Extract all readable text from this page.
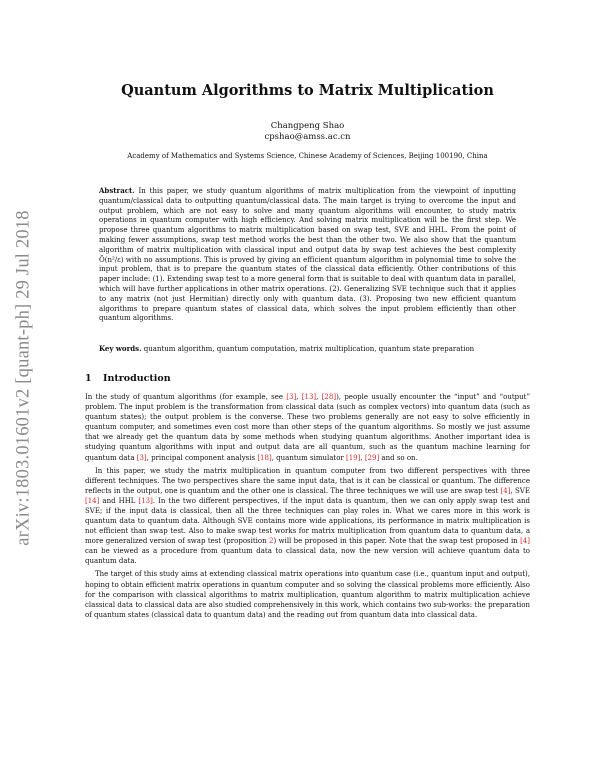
arXiv:1803.01601v2 [quant-ph] 29 Jul 2018
Quantum Algorithms to Matrix Multiplication
Changpeng Shao
cpshao@amss.ac.cn
Academy of Mathematics and Systems Science, Chinese Academy of Sciences, Beijing 100190, China
Abstract. In this paper, we study quantum algorithms of matrix multiplication from the viewpoint of inputting quantum/classical data to outputting quantum/classical data. The main target is trying to overcome the input and output problem, which are not easy to solve and many quantum algorithms will encounter, to study matrix operations in quantum computer with high efficiency. And solving matrix multiplication will be the first step. We propose three quantum algorithms to matrix multiplication based on swap test, SVE and HHL. From the point of making fewer assumptions, swap test method works the best than the other two. We also show that the quantum algorithm of matrix multiplication with classical input and output data by swap test achieves the best complexity Õ(n²/ε) with no assumptions. This is proved by giving an efficient quantum algorithm in polynomial time to solve the input problem, that is to prepare the quantum states of the classical data efficiently. Other contributions of this paper include: (1). Extending swap test to a more general form that is suitable to deal with quantum data in parallel, which will have further applications in other matrix operations. (2). Generalizing SVE technique such that it applies to any matrix (not just Hermitian) directly only with quantum data. (3). Proposing two new efficient quantum algorithms to prepare quantum states of classical data, which solves the input problem efficiently than other quantum algorithms.
Key words. quantum algorithm, quantum computation, matrix multiplication, quantum state preparation
1 Introduction

In the study of quantum algorithms (for example, see [3], [13], [28]), people usually encounter the “input” and “output” problem. The input problem is the transformation from classical data (such as complex vectors) into quantum data (such as quantum states); the output problem is the converse. These two problems generally are not easy to solve efficiently in quantum computer, and sometimes even cost more than other steps of the quantum algorithms. So mostly we just assume that we already get the quantum data by some methods when studying quantum algorithms. Another important idea is studying quantum algorithms with input and output data are all quantum, such as the quantum machine learning for quantum data [3], principal component analysis [18], quantum simulator [19], [29] and so on.

In this paper, we study the matrix multiplication in quantum computer from two different perspectives with three different techniques. The two perspectives share the same input data, that is it can be classical or quantum. The difference reflects in the output, one is quantum and the other one is classical. The three techniques we will use are swap test [4], SVE [14] and HHL [13]. In the two different perspectives, if the input data is quantum, then we can only apply swap test and SVE; if the input data is classical, then all the three techniques can play roles in. What we cares more in this work is quantum data to quantum data. Although SVE contains more wide applications, its performance in matrix multiplication is not efficient than swap test. Also to make swap test works for matrix multiplication from quantum data to quantum data, a more generalized version of swap test (proposition 2) will be proposed in this paper. Note that the swap test proposed in [4] can be viewed as a procedure from quantum data to classical data, now the new version will achieve quantum data to quantum data.

The target of this study aims at extending classical matrix operations into quantum case (i.e., quantum input and output), hoping to obtain efficient matrix operations in quantum computer and so solving the classical problems more efficiently. Also for the comparison with classical algorithms to matrix multiplication, quantum algorithm to matrix multiplication achieve classical data to classical data are also studied comprehensively in this work, which contains two sub-works: the preparation of quantum states (classical data to quantum data) and the reading out from quantum data into classical data.
